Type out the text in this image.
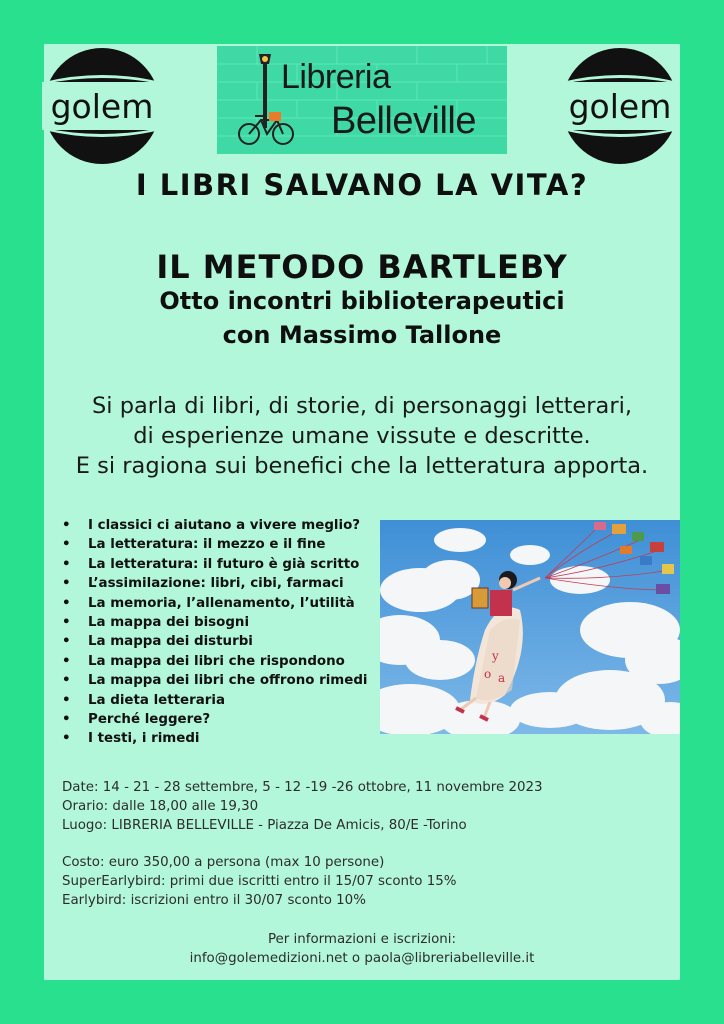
golem	golem
Libreria
Belleville
I LIBRI SALVANO LA VITA?
IL METODO BARTLEBY
Otto incontri biblioterapeutici
con Massimo Tallone
Si parla di libri, di storie, di personaggi letterari,
di esperienze umane vissute e descritte.
E si ragiona sui benefici che la letteratura apporta.
• I classici ci aiutano a vivere meglio?
• La letteratura: il mezzo e il fine
• La letteratura: il futuro è già scritto
• L’assimilazione: libri, cibi, farmaci
• La memoria, l’allenamento, l’utilità
• La mappa dei bisogni
• La mappa dei disturbi
• La mappa dei libri che rispondono
• La mappa dei libri che offrono rimedi
• La dieta letteraria
• Perché leggere?
• I testi, i rimedi
y
o a
Date: 14 - 21 - 28 settembre, 5 - 12 -19 -26 ottobre, 11 novembre 2023
Orario: dalle 18,00 alle 19,30
Luogo: LIBRERIA BELLEVILLE - Piazza De Amicis, 80/E -Torino
Costo: euro 350,00 a persona (max 10 persone)
SuperEarlybird: primi due iscritti entro il 15/07 sconto 15%
Earlybird: iscrizioni entro il 30/07 sconto 10%
Per informazioni e iscrizioni:
info@golemedizioni.net o paola@libreriabelleville.it
